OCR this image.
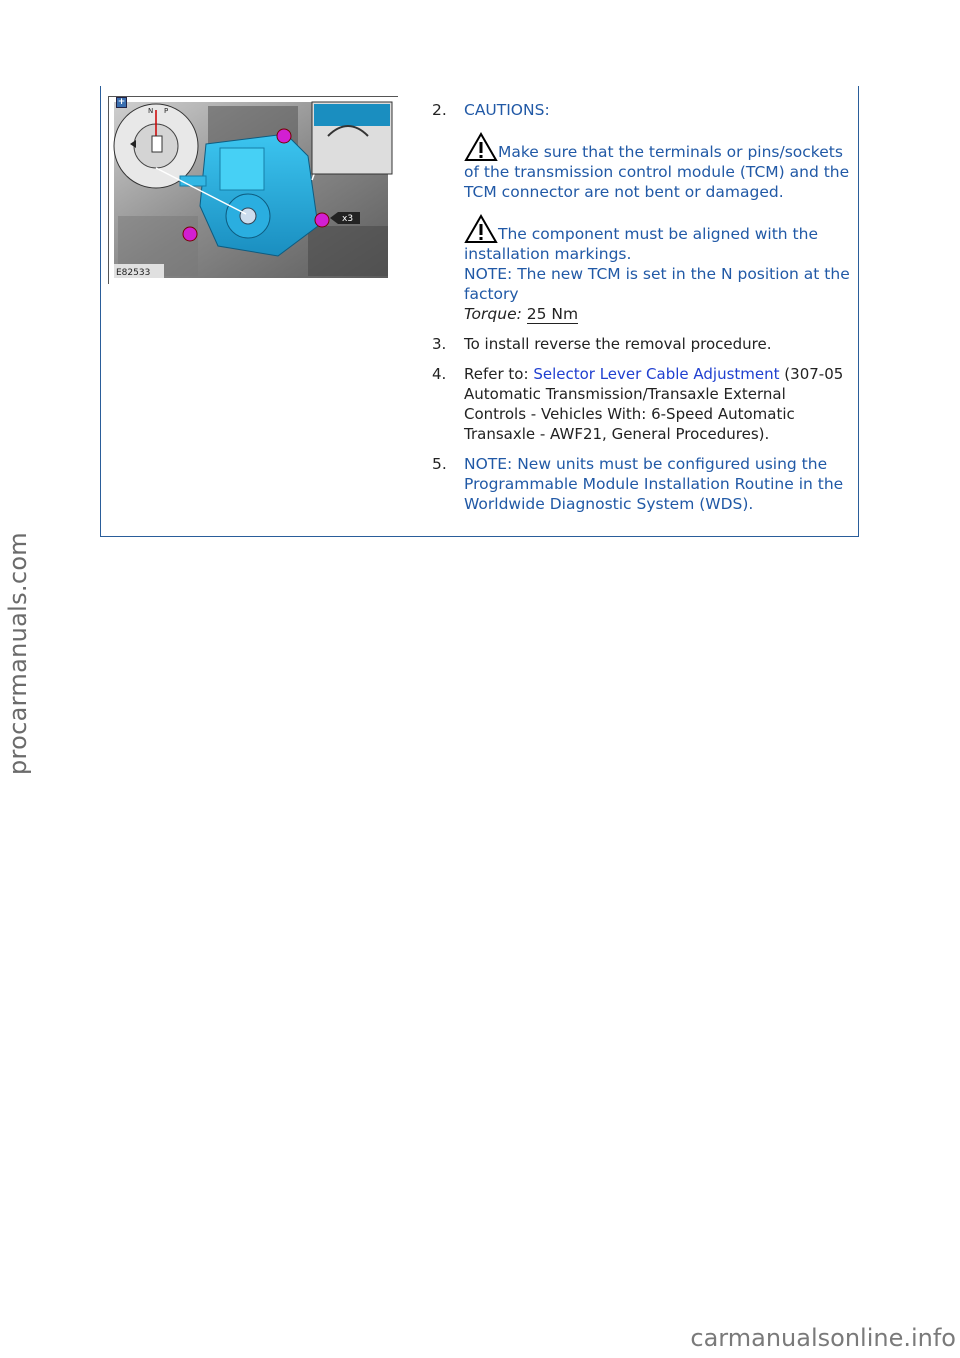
N P
x3
E82533
+	2. CAUTIONS:
Make sure that the terminals or pins/sockets of the transmission control module (TCM) and the TCM connector are not bent or damaged.
The component must be aligned with the installation markings.
NOTE: The new TCM is set in the N position at the factory
Torque: 25 Nm
3. To install reverse the removal procedure.
4. Refer to: Selector Lever Cable Adjustment (307-05 Automatic Transmission/Transaxle External Controls - Vehicles With: 6-Speed Automatic Transaxle - AWF21, General Procedures).
5. NOTE: New units must be configured using the Programmable Module Installation Routine in the Worldwide Diagnostic System (WDS).
procarmanuals.com
carmanualsonline.info
